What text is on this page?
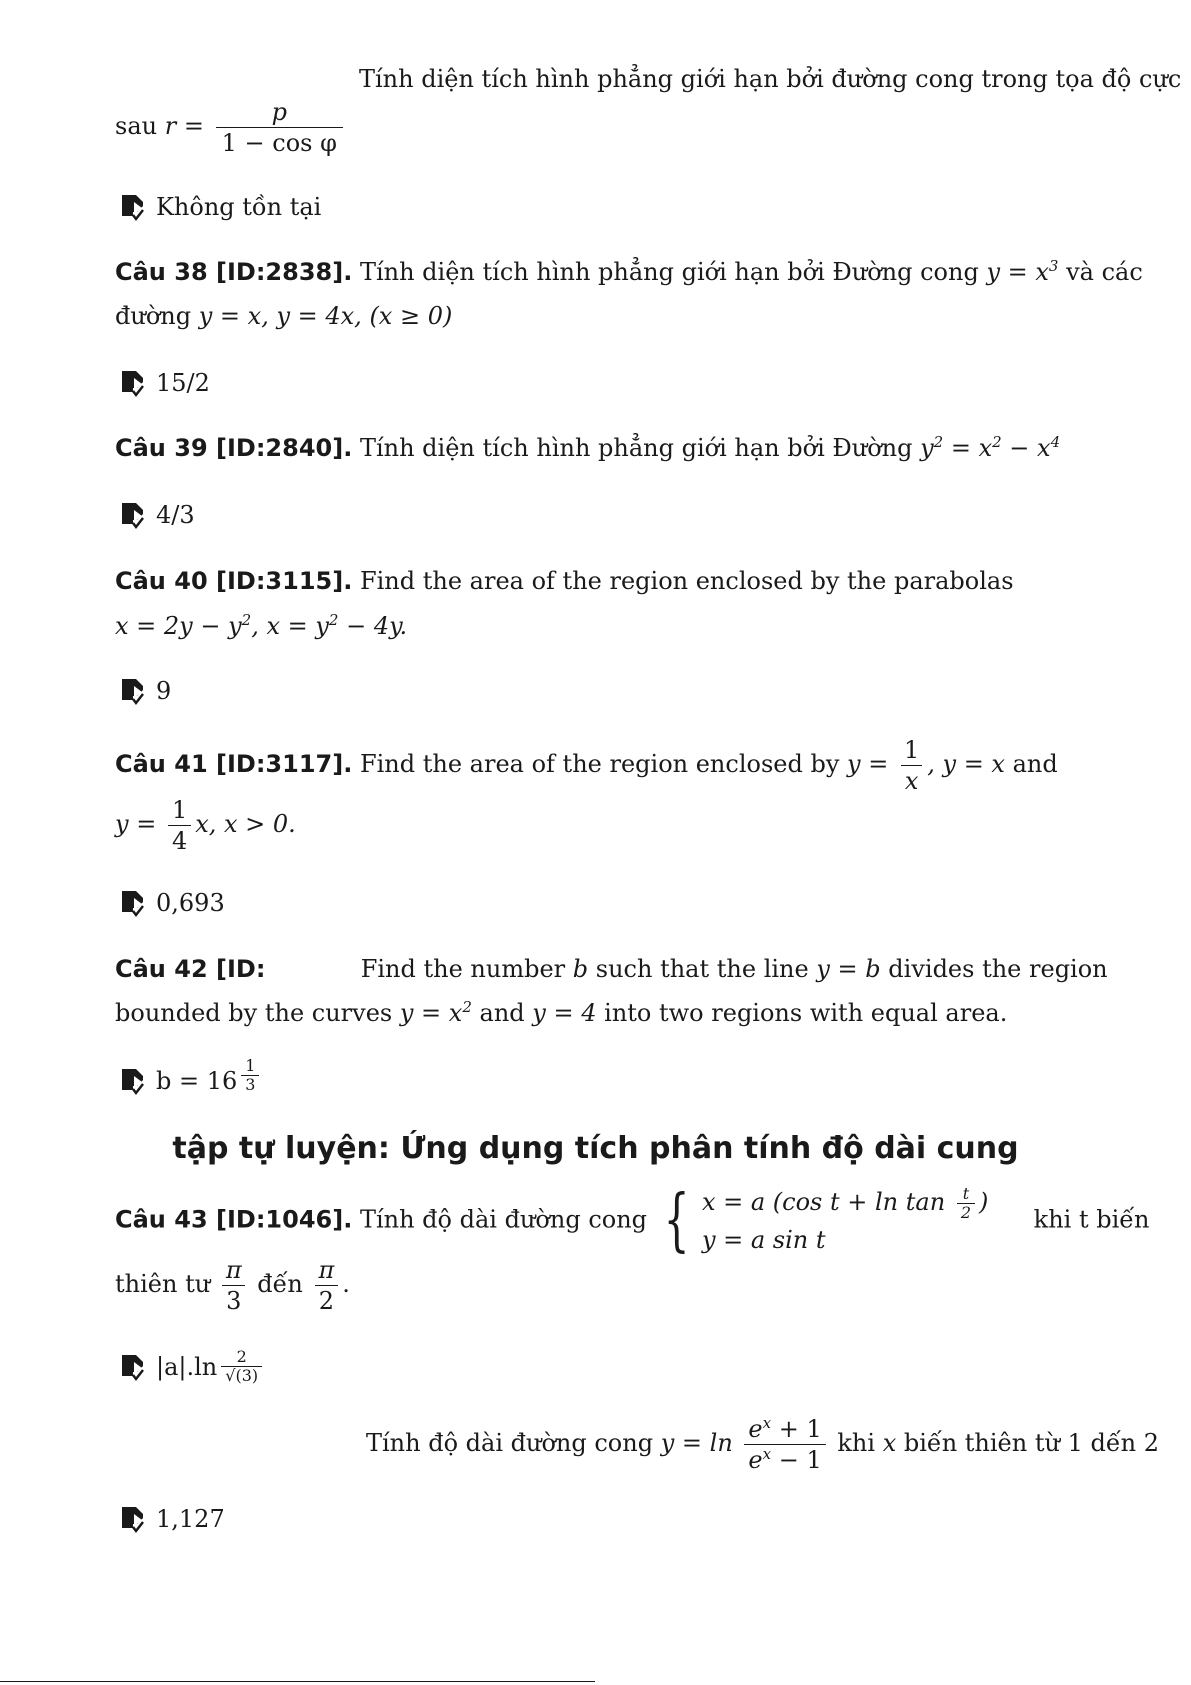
Tính diện tích hình phẳng giới hạn bởi đường cong trong tọa độ cực
sau $r = \frac{p}{\text{1 − cos φ}}$
Không tồn tại
Câu 38 [ID:2838]. Tính diện tích hình phẳng giới hạn bởi Đường cong $y = x^3$ và các
đường y = x, y = 4x, (x ≥ 0)
15/2
Câu 39 [ID:2840]. Tính diện tích hình phẳng giới hạn bởi Đường $y^2 = x^2 - x^4$
4/3
Câu 40 [ID:3115]. Find the area of the region enclosed by the parabolas
$x = 2y - y^2$, $x = y^2 - 4y$.
9
Câu 41 [ID:3117]. Find the area of the region enclosed by $y = \frac{1}{x}$ , y = x and
$y = \frac{1}{4} x$, x > 0.
0,693
Câu 42 [ID:	Find the number b such that the line y = b divides the region
bounded by the curves $y = x^2$ and y = 4 into two regions with equal area.
$b = 16 \frac{1}{3}$
tập tự luyện: Ứng dụng tích phân tính độ dài cung
Câu 43 [ID:1046]. Tính độ dài đường cong { x = a (cos $t + \ln \tan \frac{t}{2}$ )
y = a sin t
khi t biến
thiên tư $\frac{\pi}{3}$ đến $\frac{\pi}{2}$ .
$|a|.\ln \frac{2}{√(3)}$
Tính độ dài đường cong $y = \ln \frac{e^x + 1}{e^x - 1}$ khi x biến thiên từ 1 dến 2
1,127
